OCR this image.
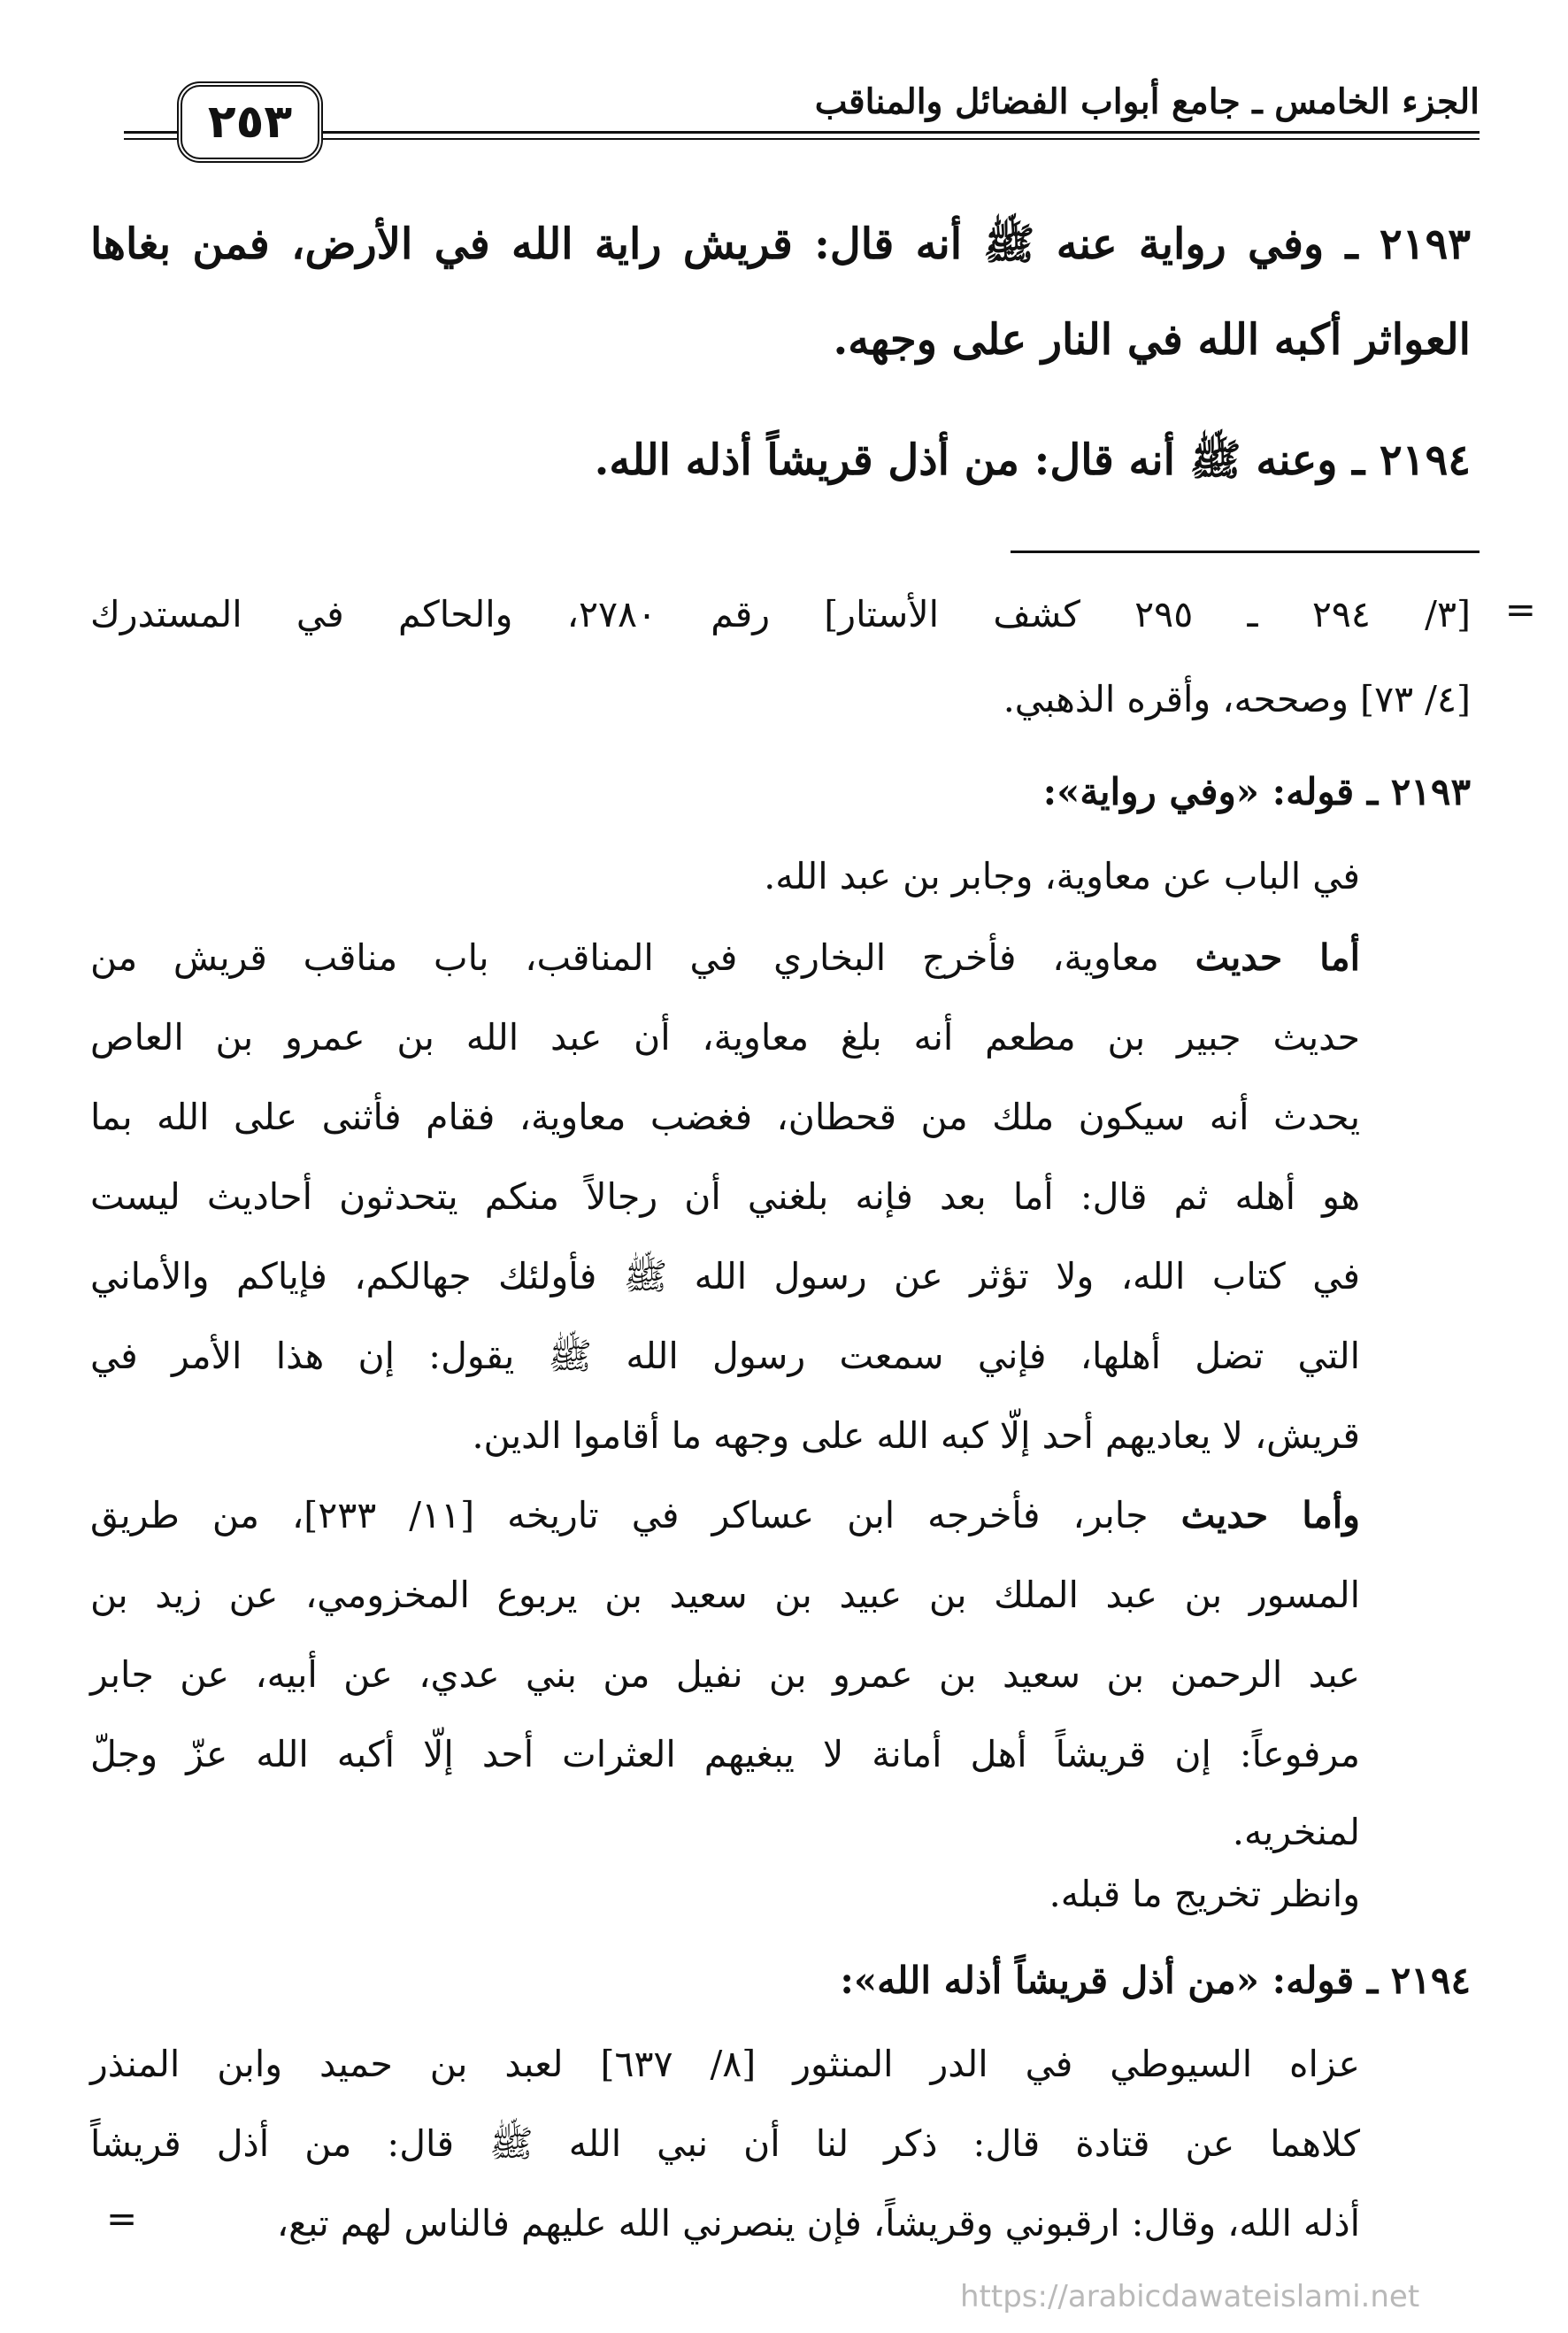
الجزء الخامس ـ جامع أبواب الفضائل والمناقب
٢٥٣
٢١٩٣ ـ وفي رواية عنه ﷺ أنه قال: قريش راية الله في الأرض، فمن بغاها العواثر أكبه الله في النار على وجهه.
٢١٩٤ ـ وعنه ﷺ أنه قال: من أذل قريشاً أذله الله.
=
[٣/ ٢٩٤ ـ ٢٩٥ كشف الأستار] رقم ٢٧٨٠، والحاكم في المستدرك
[٤/ ٧٣] وصححه، وأقره الذهبي.
٢١٩٣ ـ قوله: «وفي رواية»:
في الباب عن معاوية، وجابر بن عبد الله.
أما حديث معاوية، فأخرج البخاري في المناقب، باب مناقب قريش من
حديث جبير بن مطعم أنه بلغ معاوية، أن عبد الله بن عمرو بن العاص
يحدث أنه سيكون ملك من قحطان، فغضب معاوية، فقام فأثنى على الله بما
هو أهله ثم قال: أما بعد فإنه بلغني أن رجالاً منكم يتحدثون أحاديث ليست
في كتاب الله، ولا تؤثر عن رسول الله ﷺ فأولئك جهالكم، فإياكم والأماني
التي تضل أهلها، فإني سمعت رسول الله ﷺ يقول: إن هذا الأمر في
قريش، لا يعاديهم أحد إلّا كبه الله على وجهه ما أقاموا الدين.
وأما حديث جابر، فأخرجه ابن عساكر في تاريخه [١١/ ٢٣٣]، من طريق
المسور بن عبد الملك بن عبيد بن سعيد بن يربوع المخزومي، عن زيد بن
عبد الرحمن بن سعيد بن عمرو بن نفيل من بني عدي، عن أبيه، عن جابر
مرفوعاً: إن قريشاً أهل أمانة لا يبغيهم العثرات أحد إلّا أكبه الله عزّ وجلّ
لمنخريه.
وانظر تخريج ما قبله.
٢١٩٤ ـ قوله: «من أذل قريشاً أذله الله»:
عزاه السيوطي في الدر المنثور [٨/ ٦٣٧] لعبد بن حميد وابن المنذر
كلاهما عن قتادة قال: ذكر لنا أن نبي الله ﷺ قال: من أذل قريشاً
أذله الله، وقال: ارقبوني وقريشاً، فإن ينصرني الله عليهم فالناس لهم تبع،
=
https://arabicdawateislami.net
